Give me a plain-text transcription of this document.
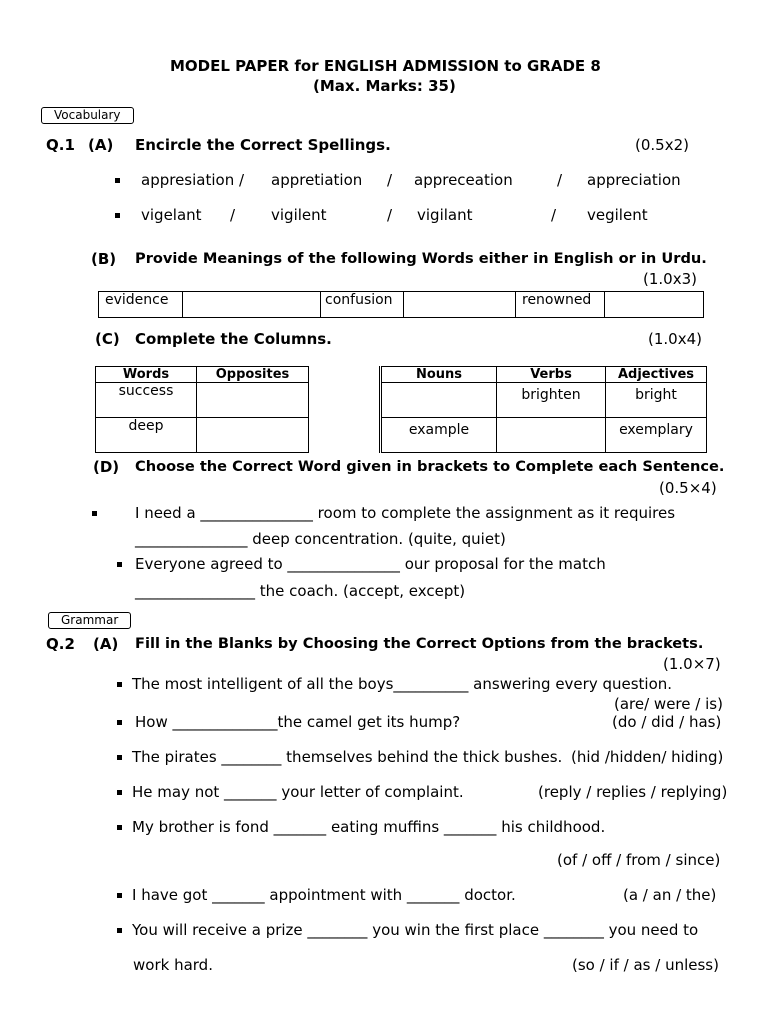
MODEL PAPER for ENGLISH ADMISSION to GRADE 8
(Max. Marks: 35)
Vocabulary
Q.1 (A) Encircle the Correct Spellings.	(0.5x2)
appresiation / appretiation / appreceation	/ appreciation
vigelant / vigilent	/ vigilant	/ vegilent
(B) Provide Meanings of the following Words either in English or in Urdu.
(1.0x3)
evidence		confusion		renowned	
(C) Complete the Columns.	(1.0x4)
Words	Opposites
success	
deep	
Nouns	Verbs	Adjectives
	brighten	bright
example		exemplary
(D) Choose the Correct Word given in brackets to Complete each Sentence.
(0.5×4)
I need a _______________ room to complete the assignment as it requires
_______________ deep concentration. (quite, quiet)
Everyone agreed to _______________ our proposal for the match
________________ the coach. (accept, except)
Grammar
Q.2 (A) Fill in the Blanks by Choosing the Correct Options from the brackets.
(1.0×7)
The most intelligent of all the boys__________ answering every question.
(are/ were / is)
How ______________the camel get its hump?	(do / did / has)
The pirates ________ themselves behind the thick bushes. (hid /hidden/ hiding)
He may not _______ your letter of complaint.	(reply / replies / replying)
My brother is fond _______ eating muffins _______ his childhood.
(of / off / from / since)
I have got _______ appointment with _______ doctor.	(a / an / the)
You will receive a prize ________ you win the first place ________ you need to
work hard.	(so / if / as / unless)
